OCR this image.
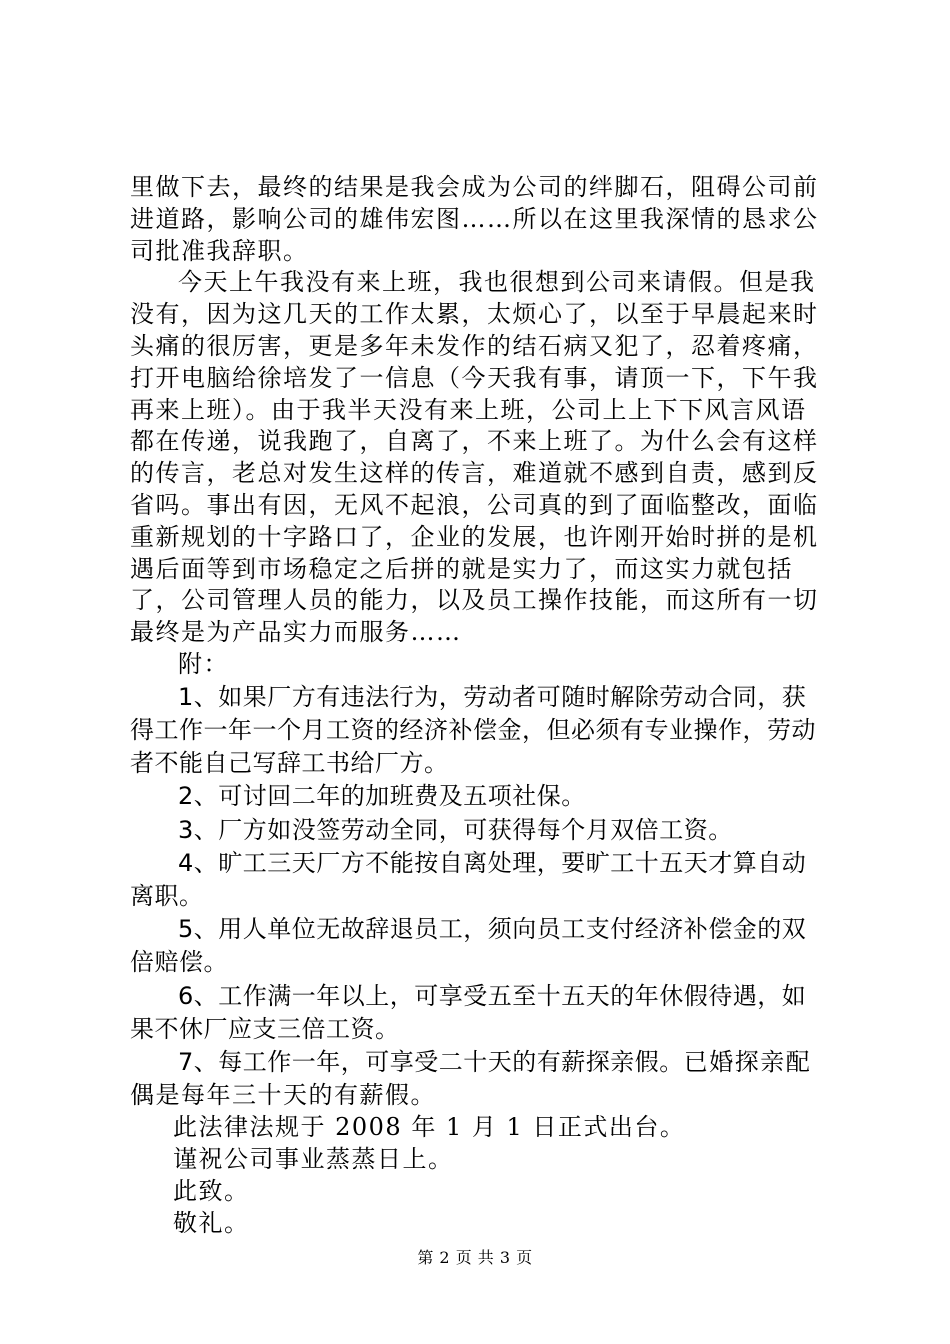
里做下去，最终的结果是我会成为公司的绊脚石，阻碍公司前进道路，影响公司的雄伟宏图……所以在这里我深情的恳求公司批准我辞职。

今天上午我没有来上班，我也很想到公司来请假。但是我没有，因为这几天的工作太累，太烦心了，以至于早晨起来时头痛的很厉害，更是多年未发作的结石病又犯了，忍着疼痛，打开电脑给徐培发了一信息（今天我有事，请顶一下，下午我再来上班）。由于我半天没有来上班，公司上上下下风言风语都在传递，说我跑了，自离了，不来上班了。为什么会有这样的传言，老总对发生这样的传言，难道就不感到自责，感到反省吗。事出有因，无风不起浪，公司真的到了面临整改，面临重新规划的十字路口了，企业的发展，也许刚开始时拼的是机遇后面等到市场稳定之后拼的就是实力了，而这实力就包括了，公司管理人员的能力，以及员工操作技能，而这所有一切最终是为产品实力而服务……

附：

1、如果厂方有违法行为，劳动者可随时解除劳动合同，获得工作一年一个月工资的经济补偿金，但必须有专业操作，劳动者不能自己写辞工书给厂方。

2、可讨回二年的加班费及五项社保。

3、厂方如没签劳动全同，可获得每个月双倍工资。

4、旷工三天厂方不能按自离处理，要旷工十五天才算自动离职。

5、用人单位无故辞退员工，须向员工支付经济补偿金的双倍赔偿。

6、工作满一年以上，可享受五至十五天的年休假待遇，如果不休厂应支三倍工资。

7、每工作一年，可享受二十天的有薪探亲假。已婚探亲配偶是每年三十天的有薪假。

此法律法规于 2008 年 1 月 1 日正式出台。

谨祝公司事业蒸蒸日上。

此致。

敬礼。

第 2 页 共 3 页
